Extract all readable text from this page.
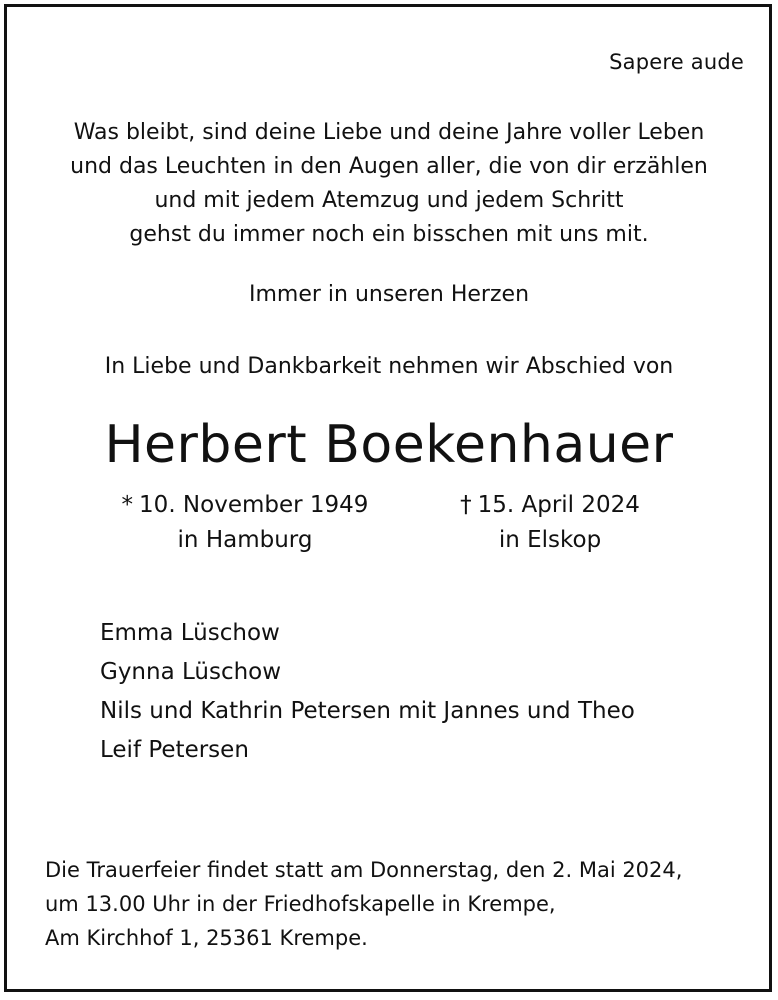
Sapere aude
Was bleibt, sind deine Liebe und deine Jahre voller Leben
und das Leuchten in den Augen aller, die von dir erzählen
und mit jedem Atemzug und jedem Schritt
gehst du immer noch ein bisschen mit uns mit.
Immer in unseren Herzen
In Liebe und Dankbarkeit nehmen wir Abschied von
Herbert Boekenhauer
* 10. November 1949
in Hamburg
† 15. April 2024
in Elskop
Emma Lüschow
Gynna Lüschow
Nils und Kathrin Petersen mit Jannes und Theo
Leif Petersen
Die Trauerfeier findet statt am Donnerstag, den 2. Mai 2024,
um 13.00 Uhr in der Friedhofskapelle in Krempe,
Am Kirchhof 1, 25361 Krempe.
